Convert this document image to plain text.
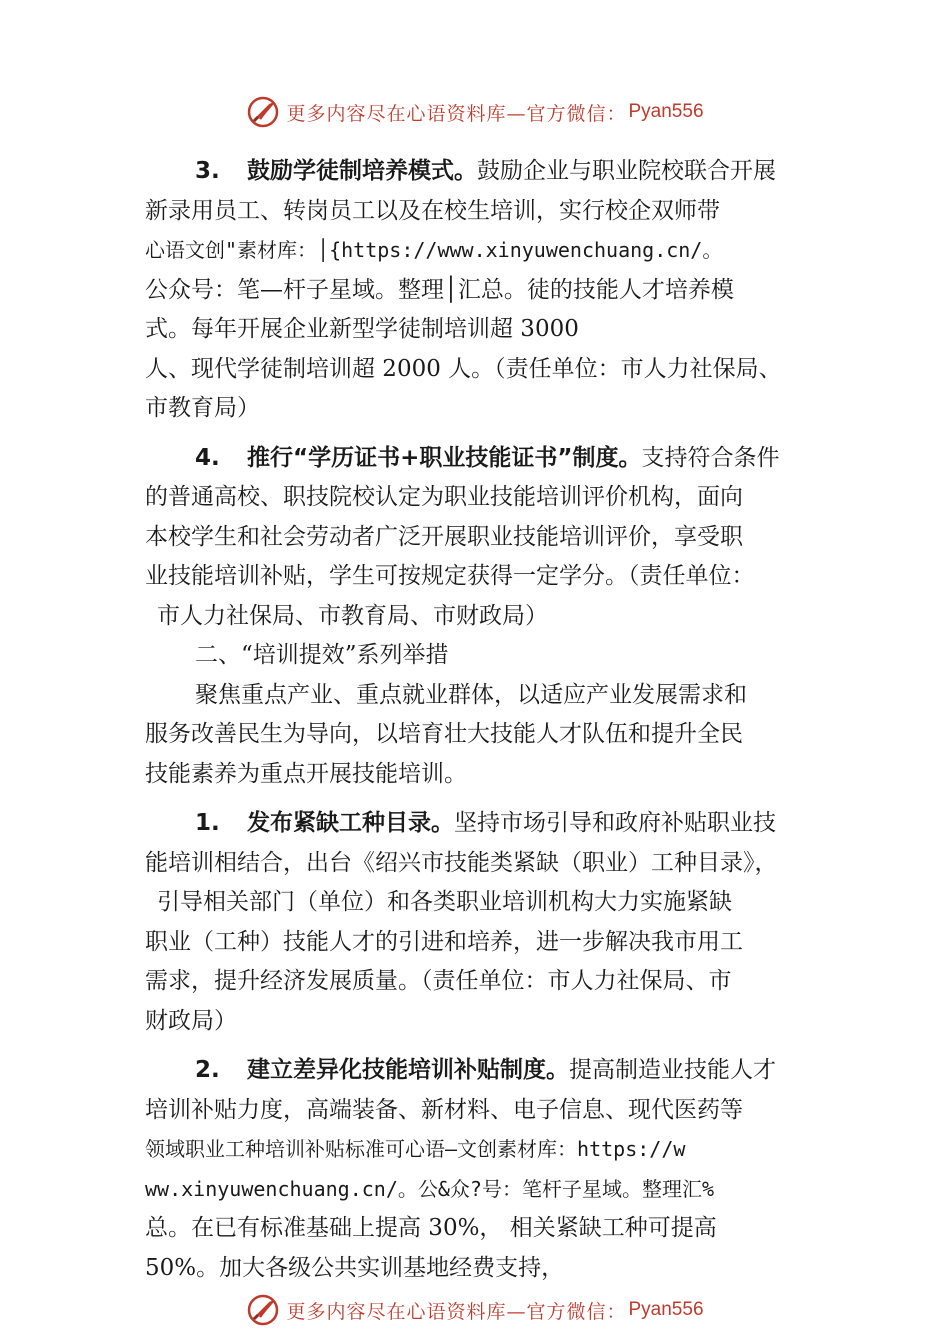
更多内容尽在心语资料库—官方微信： Pyan556
3. 鼓励学徒制培养模式。鼓励企业与职业院校联合开展
新录用员工、转岗员工以及在校生培训，实行校企双师带
心语文创"素材库：│{https://www.xinyuwenchuang.cn/。
公众号：笔—杆子星域。整理│汇总。徒的技能人才培养模
式。每年开展企业新型学徒制培训超 3000
人、现代学徒制培训超 2000 人。（责任单位：市人力社保局、
市教育局）
4. 推行“学历证书+职业技能证书”制度。支持符合条件
的普通高校、职技院校认定为职业技能培训评价机构，面向
本校学生和社会劳动者广泛开展职业技能培训评价，享受职
业技能培训补贴，学生可按规定获得一定学分。（责任单位：
市人力社保局、市教育局、市财政局）
二、“培训提效”系列举措
聚焦重点产业、重点就业群体，以适应产业发展需求和
服务改善民生为导向，以培育壮大技能人才队伍和提升全民
技能素养为重点开展技能培训。
1. 发布紧缺工种目录。坚持市场引导和政府补贴职业技
能培训相结合，出台《绍兴市技能类紧缺（职业）工种目录》，
引导相关部门（单位）和各类职业培训机构大力实施紧缺
职业（工种）技能人才的引进和培养，进一步解决我市用工
需求，提升经济发展质量。（责任单位：市人力社保局、市
财政局）
2. 建立差异化技能培训补贴制度。提高制造业技能人才
培训补贴力度，高端装备、新材料、电子信息、现代医药等
领域职业工种培训补贴标准可心语—文创素材库：https://w
ww.xinyuwenchuang.cn/。公&众?号：笔杆子星域。整理汇%
总。在已有标准基础上提高 30%， 相关紧缺工种可提高
50%。加大各级公共实训基地经费支持，
更多内容尽在心语资料库—官方微信： Pyan556
